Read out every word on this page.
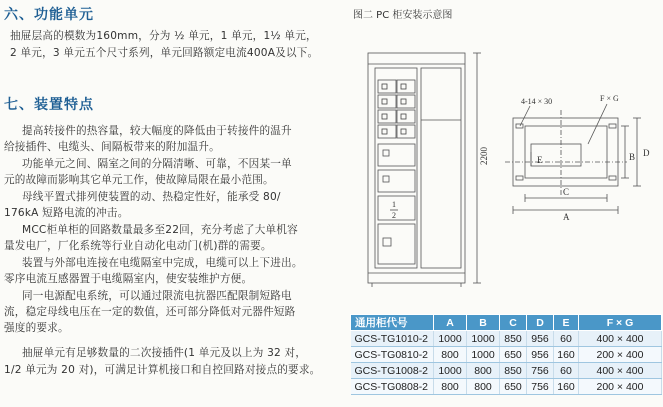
六、功能单元
抽屉层高的模数为160mm，分为 ½ 单元，1 单元，1½ 单元，
2 单元，3 单元五个尺寸系列，单元回路额定电流400A及以下。
七、装置特点
提高转接件的热容量，较大幅度的降低由于转接件的温升
给接插件、电缆头、间隔板带来的附加温升。
功能单元之间、隔室之间的分隔清晰、可靠，不因某一单
元的故障而影响其它单元工作，使故障局限在最小范围。
母线平置式排列使装置的动、热稳定性好，能承受 80/
176kA 短路电流的冲击。
MCC柜单柜的回路数量最多至22回，充分考虑了大单机容
量发电厂，厂化系统等行业自动化电动门(机)群的需要。
装置与外部电连接在电缆隔室中完成，电缆可以上下进出。
零序电流互感器置于电缆隔室内，使安装维护方便。
同一电源配电系统，可以通过限流电抗器匹配限制短路电
流，稳定母线电压在一定的数值，还可部分降低对元器件短路
强度的要求。
抽屉单元有足够数量的二次接插件(1 单元及以上为 32 对，
1/2 单元为 20 对)，可满足计算机接口和自控回路对接点的要求。
图二 PC 柜安装示意图
2200
1
2
4-14 × 30	F × G
D
B
E
C
A
通用柜代号	A	B	C	D	E	F × G
GCS-TG1010-2	1000	1000	850	956	60	400 × 400
GCS-TG0810-2	800	1000	650	956	160	200 × 400
GCS-TG1008-2	1000	800	850	756	60	400 × 400
GCS-TG0808-2	800	800	650	756	160	200 × 400
